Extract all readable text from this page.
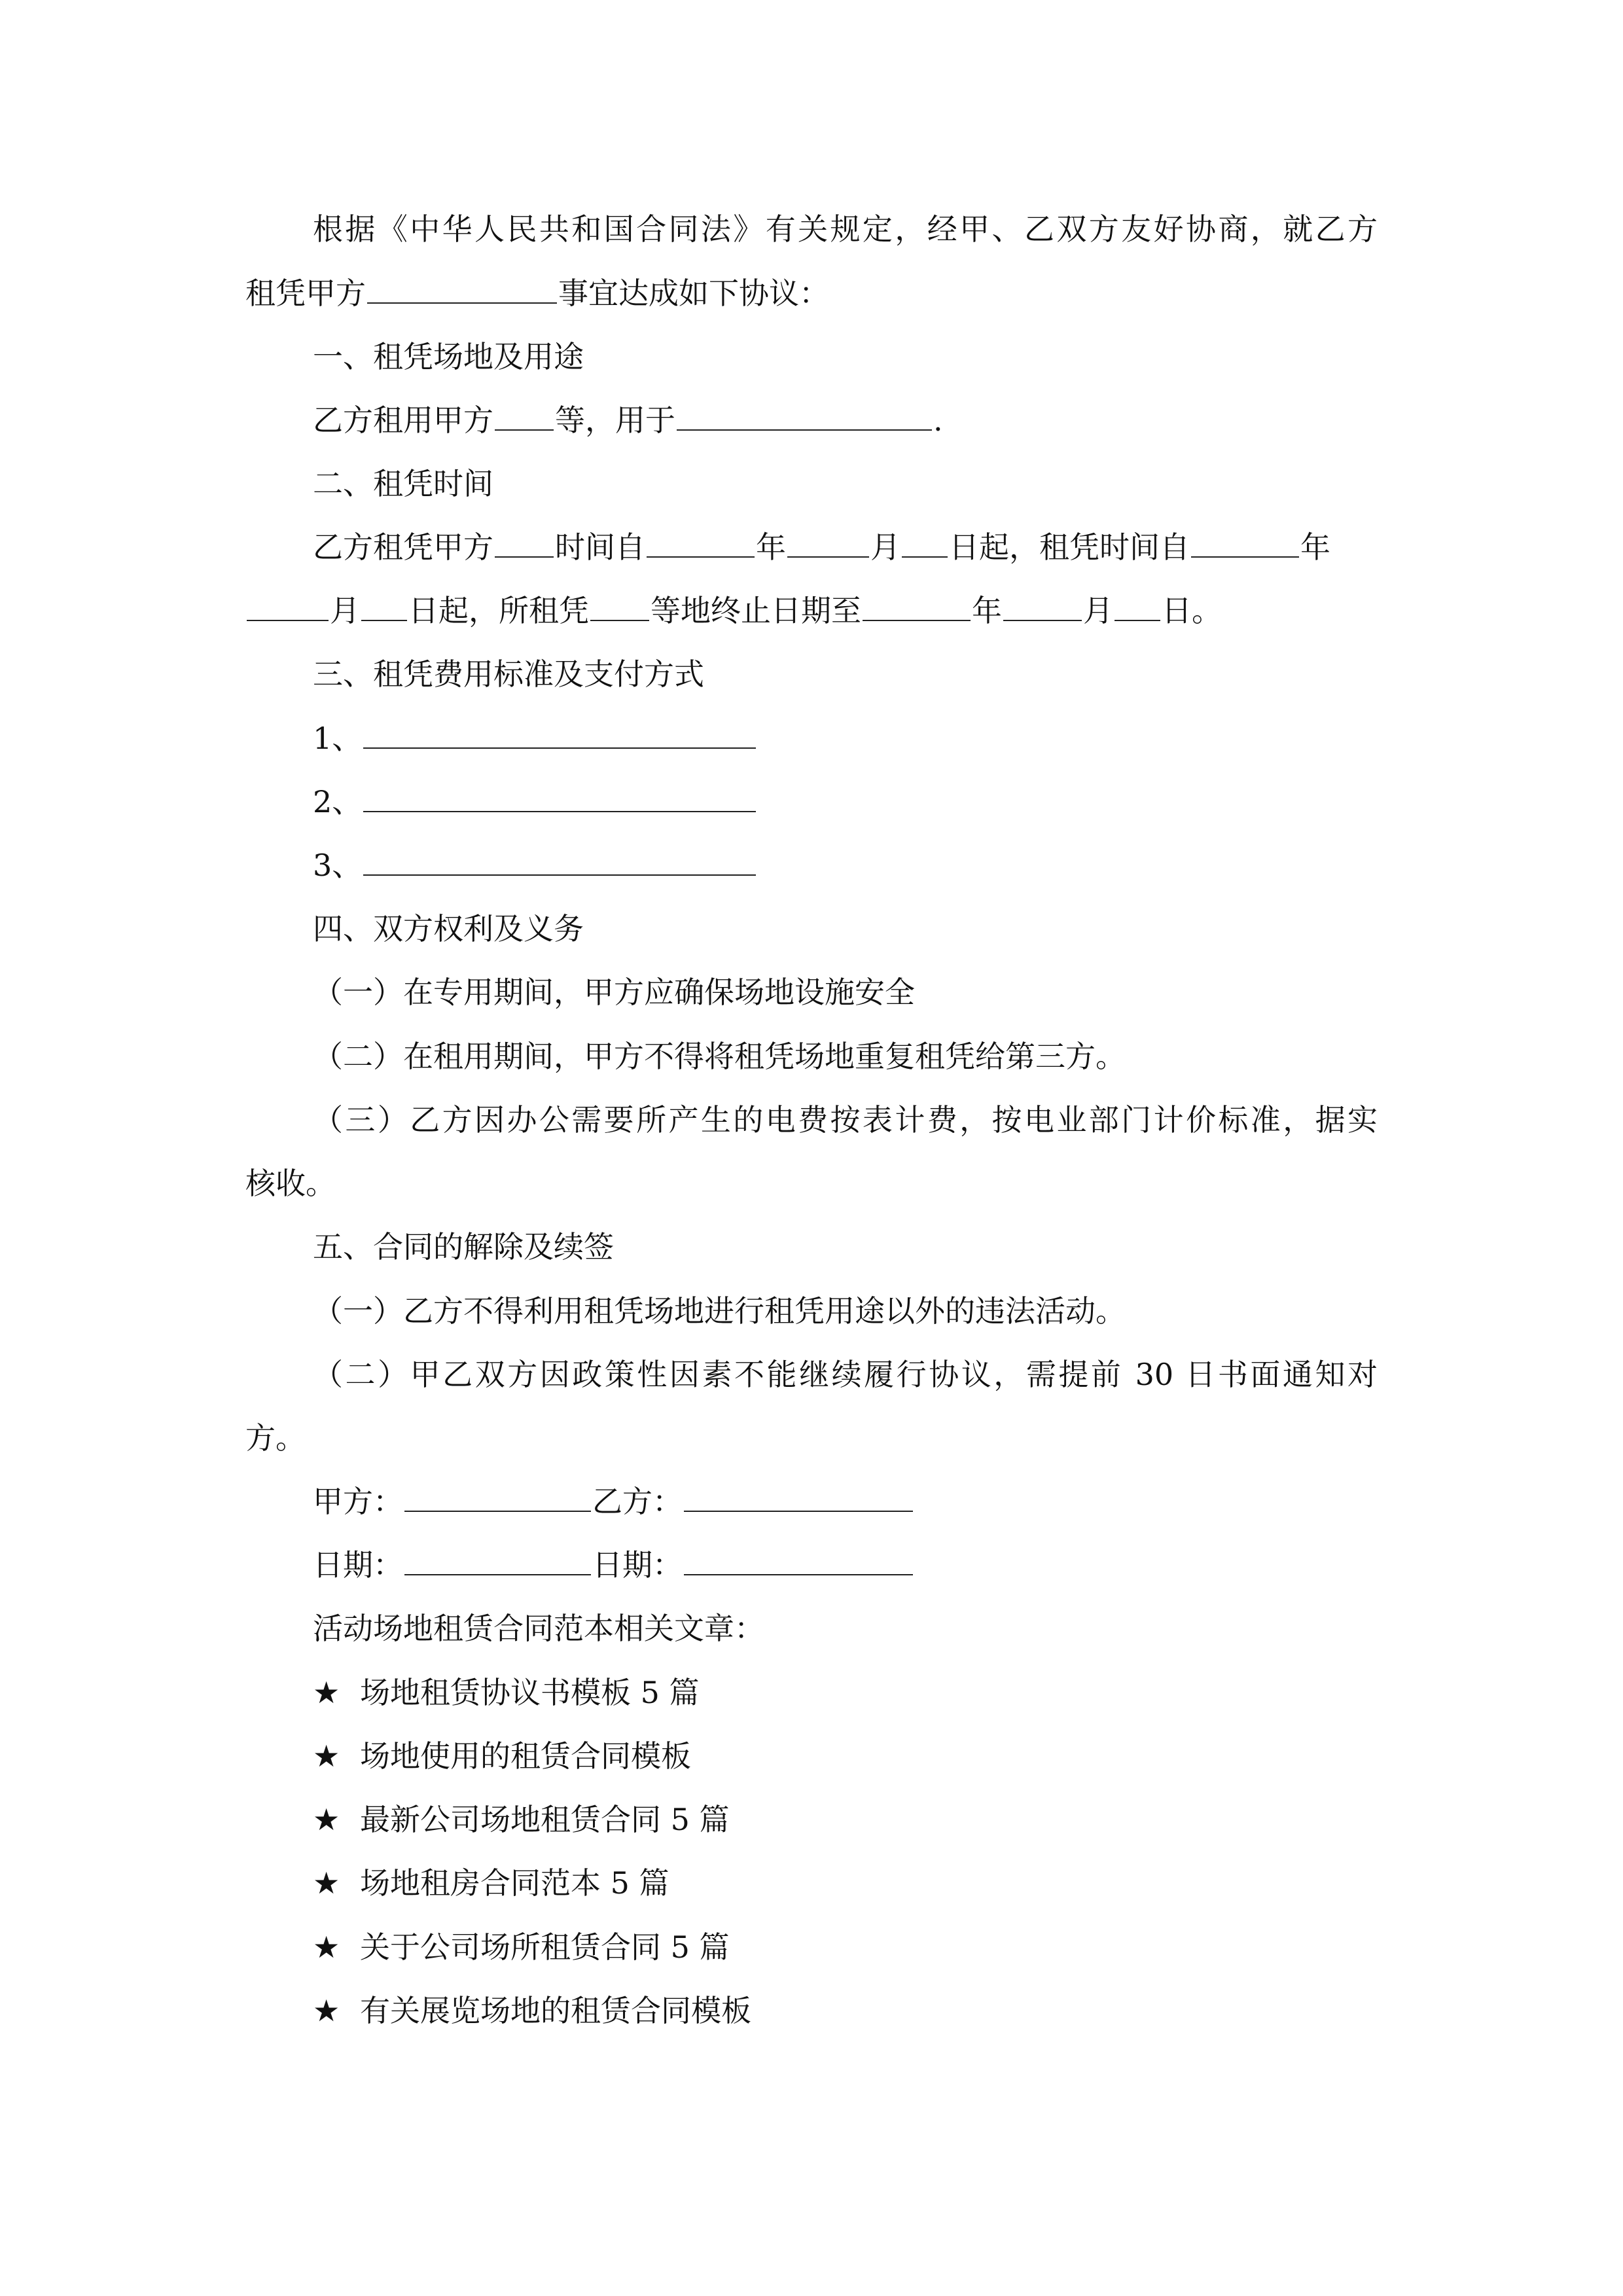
根据《中华人民共和国合同法》有关规定，经甲、乙双方友好协商，就乙方
租凭甲方	事宜达成如下协议：
一、租凭场地及用途
乙方租用甲方 等，用于	.
二、租凭时间
乙方租凭甲方 时间自	年	月 日起，租凭时间自	年
月 日起，所租凭 等地终止日期至	年	月 日。
三、租凭费用标准及支付方式
1、
2、
3、
四、双方权利及义务
（一）在专用期间，甲方应确保场地设施安全
（二）在租用期间，甲方不得将租凭场地重复租凭给第三方。
（三）乙方因办公需要所产生的电费按表计费，按电业部门计价标准，据实
核收。
五、合同的解除及续签
（一）乙方不得利用租凭场地进行租凭用途以外的违法活动。
（二）甲乙双方因政策性因素不能继续履行协议，需提前 30 日书面通知对
方。
甲方：	乙方：
日期：	日期：
活动场地租赁合同范本相关文章：
★ 场地租赁协议书模板 5 篇
★ 场地使用的租赁合同模板
★ 最新公司场地租赁合同 5 篇
★ 场地租房合同范本 5 篇
★ 关于公司场所租赁合同 5 篇
★ 有关展览场地的租赁合同模板
